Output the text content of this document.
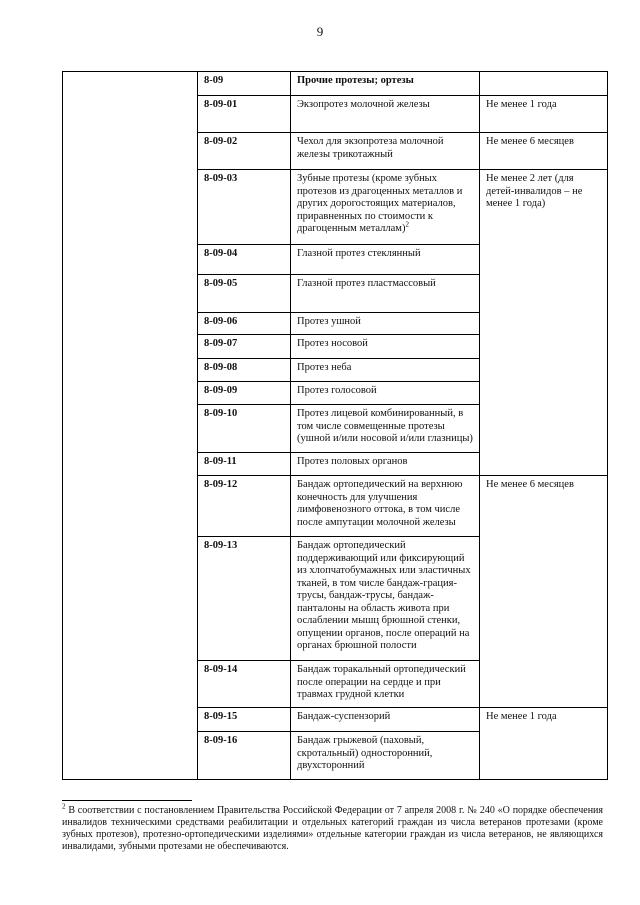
9

	8-09	Прочие протезы; ортезы	

	8-09-01	Экзопротез молочной железы	Не менее 1 года

	8-09-02	Чехол для экзопротеза молочной железы трикотажный	Не менее 6 месяцев

	8-09-03	Зубные протезы (кроме зубных протезов из драгоценных металлов и других дорогостоящих материалов, приравненных по стоимости к драгоценным металлам)$^2$	Не менее 2 лет (для детей-инвалидов – не менее 1 года)

	8-09-04	Глазной протез стеклянный	

	8-09-05	Глазной протез пластмассовый	

	8-09-06	Протез ушной	

	8-09-07	Протез носовой	

	8-09-08	Протез неба	

	8-09-09	Протез голосовой	

	8-09-10	Протез лицевой комбинированный, в том числе совмещенные протезы (ушной и/или носовой и/или глазницы)	

	8-09-11	Протез половых органов	

	8-09-12	Бандаж ортопедический на верхнюю конечность для улучшения лимфовенозного оттока, в том числе после ампутации молочной железы	Не менее 6 месяцев

	8-09-13	Бандаж ортопедический поддерживающий или фиксирующий из хлопчатобумажных или эластичных тканей, в том числе бандаж-грация-трусы, бандаж-трусы, бандаж-панталоны на область живота при ослаблении мышц брюшной стенки, опущении органов, после операций на органах брюшной полости	

	8-09-14	Бандаж торакальный ортопедический после операции на сердце и при травмах грудной клетки	

	8-09-15	Бандаж-суспензорий	Не менее 1 года

	8-09-16	Бандаж грыжевой (паховый, скротальный) односторонний, двухсторонний	
$^2$ В соответствии с постановлением Правительства Российской Федерации от 7 апреля 2008 г. № 240 «О порядке обеспечения инвалидов техническими средствами реабилитации и отдельных категорий граждан из числа ветеранов протезами (кроме зубных протезов), протезно-ортопедическими изделиями» отдельные категории граждан из числа ветеранов, не являющихся инвалидами, зубными протезами не обеспечиваются.
